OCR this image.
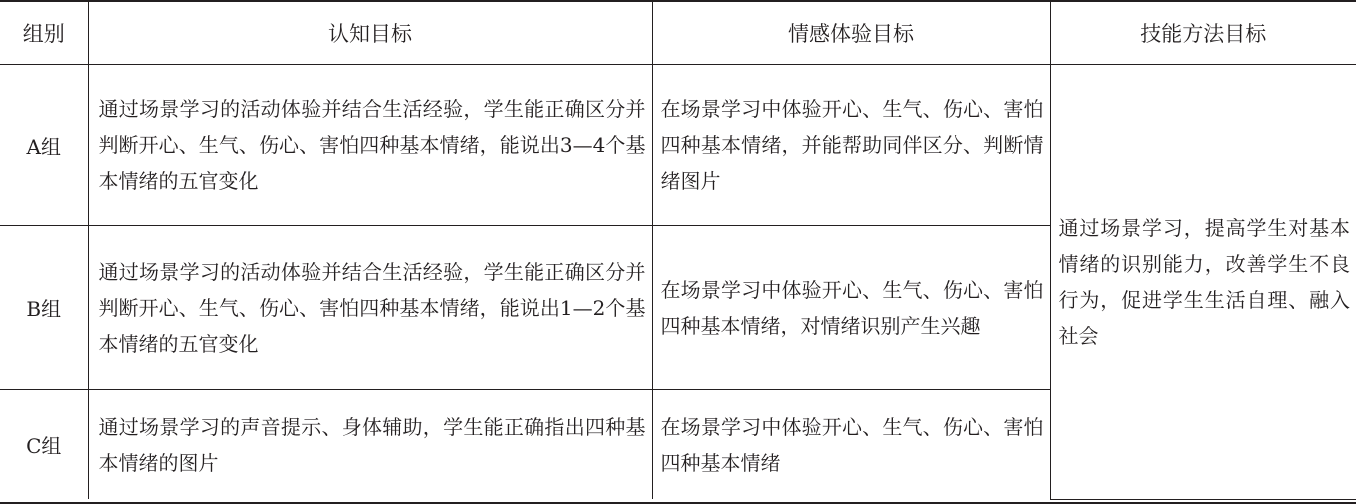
组别	认知目标	情感体验目标	技能方法目标
A组	通过场景学习的活动体验并结合生活经验，学生能正确区分并判断开心、生气、伤心、害怕四种基本情绪，能说出3—4个基本情绪的五官变化	在场景学习中体验开心、生气、伤心、害怕四种基本情绪，并能帮助同伴区分、判断情绪图片	通过场景学习，提高学生对基本情绪的识别能力，改善学生不良行为，促进学生生活自理、融入社会
B组	通过场景学习的活动体验并结合生活经验，学生能正确区分并判断开心、生气、伤心、害怕四种基本情绪，能说出1—2个基本情绪的五官变化	在场景学习中体验开心、生气、伤心、害怕四种基本情绪，对情绪识别产生兴趣	
C组	通过场景学习的声音提示、身体辅助，学生能正确指出四种基本情绪的图片	在场景学习中体验开心、生气、伤心、害怕四种基本情绪	
